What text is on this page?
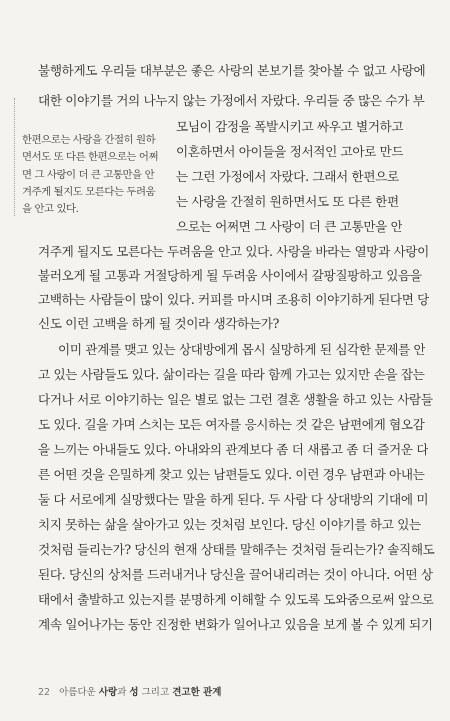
불행하게도 우리들 대부분은 좋은 사랑의 본보기를 찾아볼 수 없고 사랑에
대한 이야기를 거의 나누지 않는 가정에서 자랐다. 우리들 중 많은 수가 부
모님이 감정을 폭발시키고 싸우고 별거하고
이혼하면서 아이들을 정서적인 고아로 만드
는 그런 가정에서 자랐다. 그래서 한편으로
는 사랑을 간절히 원하면서도 또 다른 한편
으로는 어쩌면 그 사랑이 더 큰 고통만을 안
겨주게 될지도 모른다는 두려움을 안고 있다. 사랑을 바라는 열망과 사랑이
불러오게 될 고통과 거절당하게 될 두려움 사이에서 갈팡질팡하고 있음을
고백하는 사람들이 많이 있다. 커피를 마시며 조용히 이야기하게 된다면 당
신도 이런 고백을 하게 될 것이라 생각하는가?
이미 관계를 맺고 있는 상대방에게 몹시 실망하게 된 심각한 문제를 안
고 있는 사람들도 있다. 삶이라는 길을 따라 함께 가고는 있지만 손을 잡는
다거나 서로 이야기하는 일은 별로 없는 그런 결혼 생활을 하고 있는 사람들
도 있다. 길을 가며 스치는 모든 여자를 응시하는 것 같은 남편에게 혐오감
을 느끼는 아내들도 있다. 아내와의 관계보다 좀 더 새롭고 좀 더 즐거운 다
른 어떤 것을 은밀하게 찾고 있는 남편들도 있다. 이런 경우 남편과 아내는
둘 다 서로에게 실망했다는 말을 하게 된다. 두 사람 다 상대방의 기대에 미
치지 못하는 삶을 살아가고 있는 것처럼 보인다. 당신 이야기를 하고 있는
것처럼 들리는가? 당신의 현재 상태를 말해주는 것처럼 들리는가? 솔직해도
된다. 당신의 상처를 드러내거나 당신을 끌어내리려는 것이 아니다. 어떤 상
태에서 출발하고 있는지를 분명하게 이해할 수 있도록 도와줌으로써 앞으로
계속 일어나가는 동안 진정한 변화가 일어나고 있음을 보게 볼 수 있게 되기
한편으로는 사랑을 간절히 원하
면서도 또 다른 한편으로는 어쩌
면 그 사랑이 더 큰 고통만을 안
겨주게 될지도 모른다는 두려움
을 안고 있다.
22 아름다운 사랑과 성 그리고 견고한 관계
